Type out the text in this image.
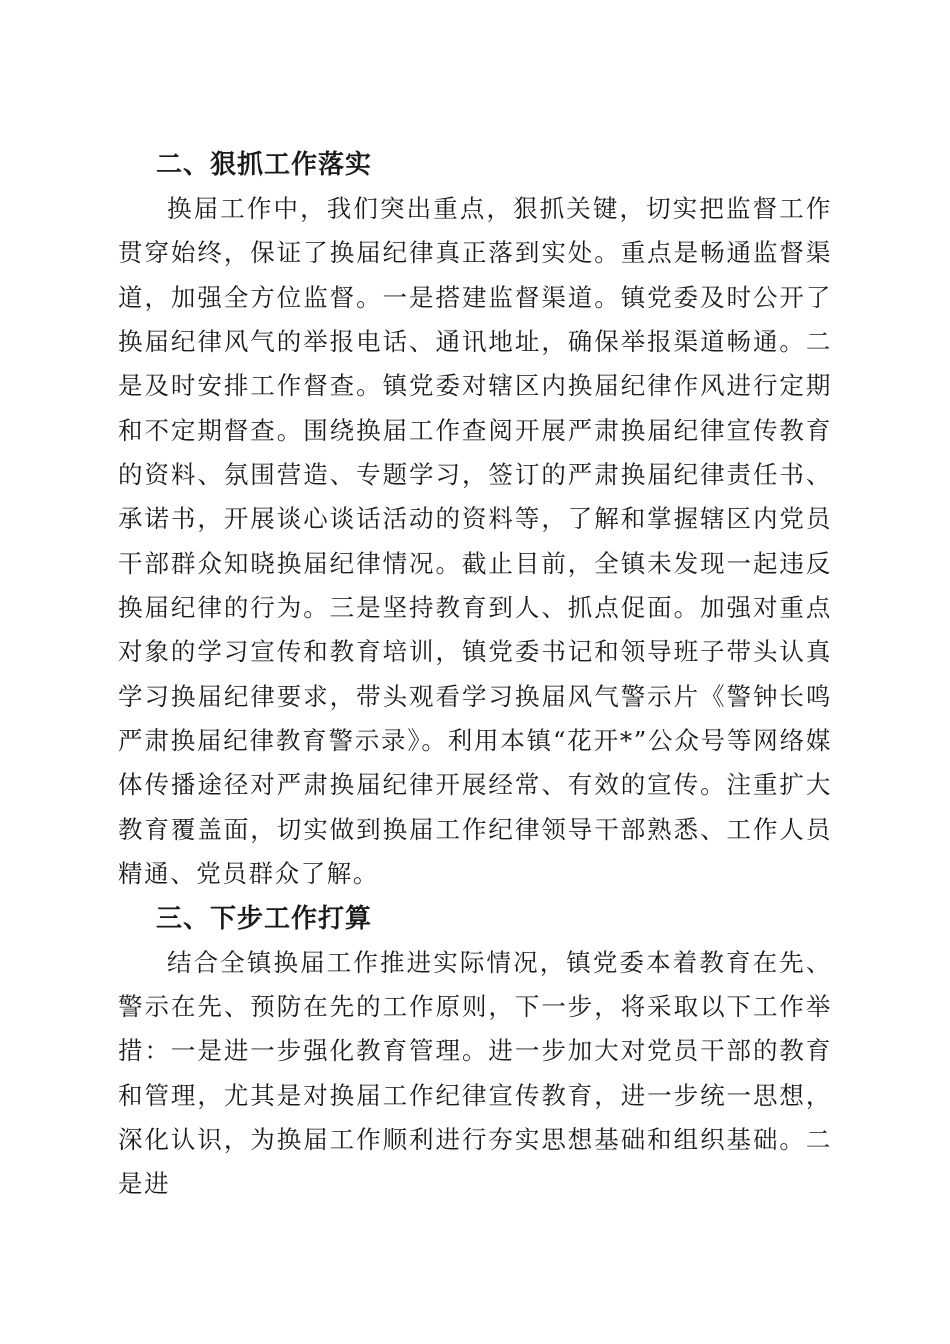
二、狠抓工作落实

换届工作中，我们突出重点，狠抓关键，切实把监督工作贯穿始终，保证了换届纪律真正落到实处。重点是畅通监督渠道，加强全方位监督。一是搭建监督渠道。镇党委及时公开了换届纪律风气的举报电话、通讯地址，确保举报渠道畅通。二是及时安排工作督查。镇党委对辖区内换届纪律作风进行定期和不定期督查。围绕换届工作查阅开展严肃换届纪律宣传教育的资料、氛围营造、专题学习，签订的严肃换届纪律责任书、承诺书，开展谈心谈话活动的资料等，了解和掌握辖区内党员干部群众知晓换届纪律情况。截止目前，全镇未发现一起违反换届纪律的行为。三是坚持教育到人、抓点促面。加强对重点对象的学习宣传和教育培训，镇党委书记和领导班子带头认真学习换届纪律要求，带头观看学习换届风气警示片《警钟长鸣严肃换届纪律教育警示录》。利用本镇“花开*”公众号等网络媒体传播途径对严肃换届纪律开展经常、有效的宣传。注重扩大教育覆盖面，切实做到换届工作纪律领导干部熟悉、工作人员精通、党员群众了解。

三、下步工作打算

结合全镇换届工作推进实际情况，镇党委本着教育在先、警示在先、预防在先的工作原则，下一步，将采取以下工作举措：一是进一步强化教育管理。进一步加大对党员干部的教育和管理，尤其是对换届工作纪律宣传教育，进一步统一思想，深化认识，为换届工作顺利进行夯实思想基础和组织基础。二是进
